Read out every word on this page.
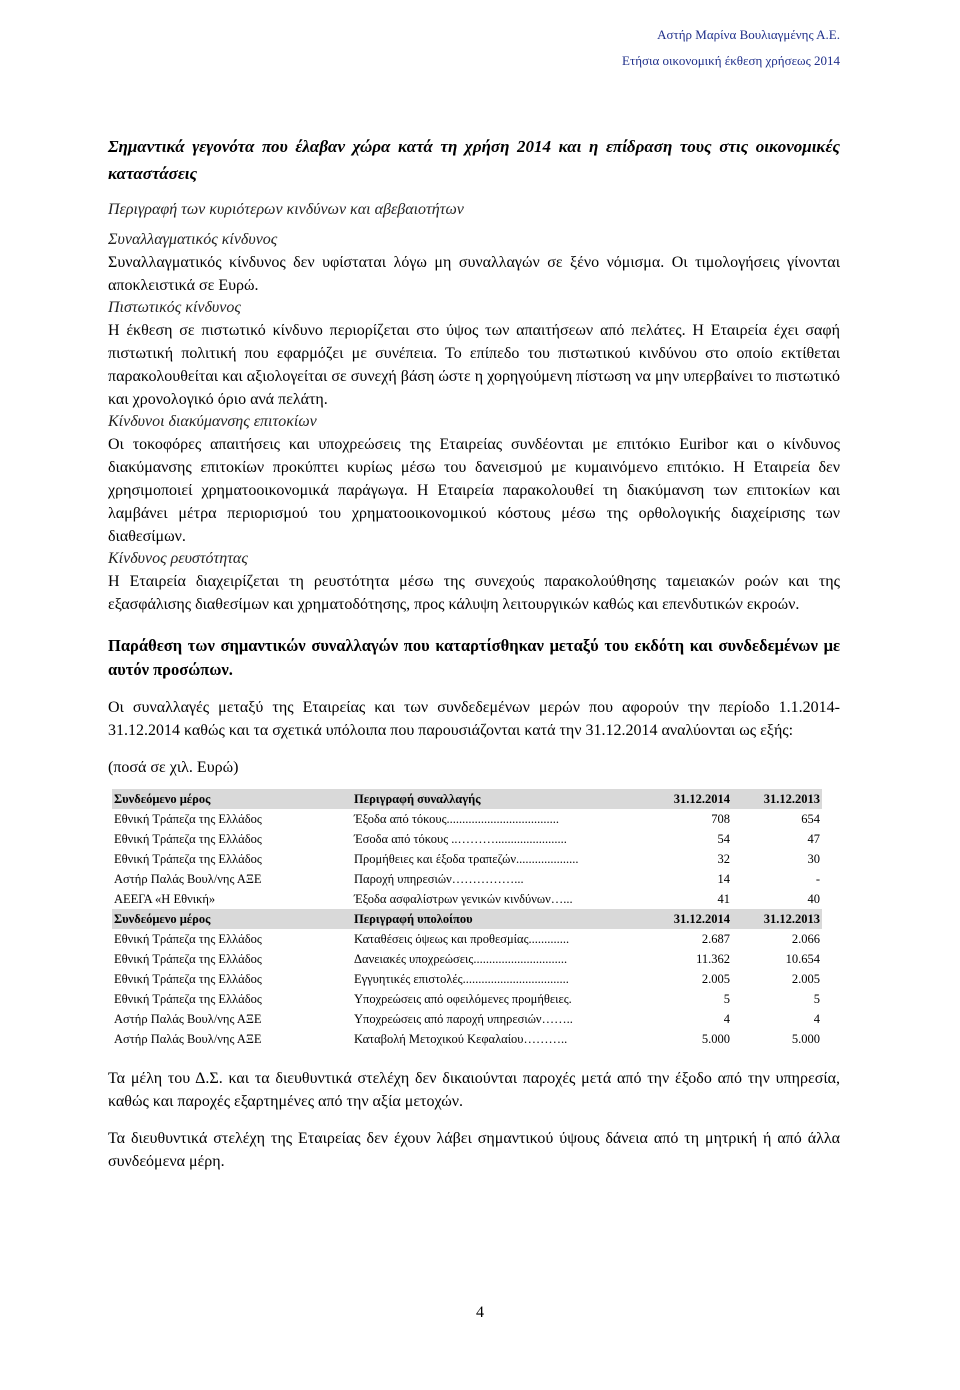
Αστήρ Μαρίνα Βουλιαγμένης Α.Ε.
Ετήσια οικονομική έκθεση χρήσεως 2014

Σημαντικά γεγονότα που έλαβαν χώρα κατά τη χρήση 2014 και η επίδραση τους στις οικονομικές καταστάσεις

Περιγραφή των κυριότερων κινδύνων και αβεβαιοτήτων

Συναλλαγματικός κίνδυνος

Συναλλαγματικός κίνδυνος δεν υφίσταται λόγω μη συναλλαγών σε ξένο νόμισμα. Οι τιμολογήσεις γίνονται αποκλειστικά σε Ευρώ.

Πιστωτικός κίνδυνος

Η έκθεση σε πιστωτικό κίνδυνο περιορίζεται στο ύψος των απαιτήσεων από πελάτες. Η Εταιρεία έχει σαφή πιστωτική πολιτική που εφαρμόζει με συνέπεια. Το επίπεδο του πιστωτικού κινδύνου στο οποίο εκτίθεται παρακολουθείται και αξιολογείται σε συνεχή βάση ώστε η χορηγούμενη πίστωση να μην υπερβαίνει το πιστωτικό και χρονολογικό όριο ανά πελάτη.

Κίνδυνοι διακύμανσης επιτοκίων

Οι τοκοφόρες απαιτήσεις και υποχρεώσεις της Εταιρείας συνδέονται με επιτόκιο Euribor και ο κίνδυνος διακύμανσης επιτοκίων προκύπτει κυρίως μέσω του δανεισμού με κυμαινόμενο επιτόκιο. Η Εταιρεία δεν χρησιμοποιεί χρηματοοικονομικά παράγωγα. Η Εταιρεία παρακολουθεί τη διακύμανση των επιτοκίων και λαμβάνει μέτρα περιορισμού του χρηματοοικονομικού κόστους μέσω της ορθολογικής διαχείρισης των διαθεσίμων.

Κίνδυνος ρευστότητας

Η Εταιρεία διαχειρίζεται τη ρευστότητα μέσω της συνεχούς παρακολούθησης ταμειακών ροών και της εξασφάλισης διαθεσίμων και χρηματοδότησης, προς κάλυψη λειτουργικών καθώς και επενδυτικών εκροών.

Παράθεση των σημαντικών συναλλαγών που καταρτίσθηκαν μεταξύ του εκδότη και συνδεδεμένων με αυτόν προσώπων.

Οι συναλλαγές μεταξύ της Εταιρείας και των συνδεδεμένων μερών που αφορούν την περίοδο 1.1.2014-31.12.2014 καθώς και τα σχετικά υπόλοιπα που παρουσιάζονται κατά την 31.12.2014 αναλύονται ως εξής:

(ποσά σε χιλ. Ευρώ)

Συνδεόμενο μέρος	Περιγραφή συναλλαγής	31.12.2014	31.12.2013
Εθνική Τράπεζα της Ελλάδος	Έξοδα από τόκους....................................	708	654
Εθνική Τράπεζα της Ελλάδος	Έσοδα από τόκους ..……….......................	54	47
Εθνική Τράπεζα της Ελλάδος	Προμήθειες και έξοδα τραπεζών....................	32	30
Αστήρ Παλάς Βουλ/νης ΑΞΕ	Παροχή υπηρεσιών……………...	14	-
ΑΕΕΓΑ «Η Εθνική»	Έξοδα ασφαλίστρων γενικών κινδύνων…...	41	40
Συνδεόμενο μέρος	Περιγραφή υπολοίπου	31.12.2014	31.12.2013
Εθνική Τράπεζα της Ελλάδος	Καταθέσεις όψεως και προθεσμίας.............	2.687	2.066
Εθνική Τράπεζα της Ελλάδος	Δανειακές υποχρεώσεις..............................	11.362	10.654
Εθνική Τράπεζα της Ελλάδος	Εγγυητικές επιστολές..................................	2.005	2.005
Εθνική Τράπεζα της Ελλάδος	Υποχρεώσεις από οφειλόμενες προμήθειες.	5	5
Αστήρ Παλάς Βουλ/νης ΑΞΕ	Υποχρεώσεις από παροχή υπηρεσιών……..	4	4
Αστήρ Παλάς Βουλ/νης ΑΞΕ	Καταβολή Μετοχικού Κεφαλαίου………..	5.000	5.000

Τα μέλη του Δ.Σ. και τα διευθυντικά στελέχη δεν δικαιούνται παροχές μετά από την έξοδο από την υπηρεσία, καθώς και παροχές εξαρτημένες από την αξία μετοχών.

Τα διευθυντικά στελέχη της Εταιρείας δεν έχουν λάβει σημαντικού ύψους δάνεια από τη μητρική ή από άλλα συνδεόμενα μέρη.

4
